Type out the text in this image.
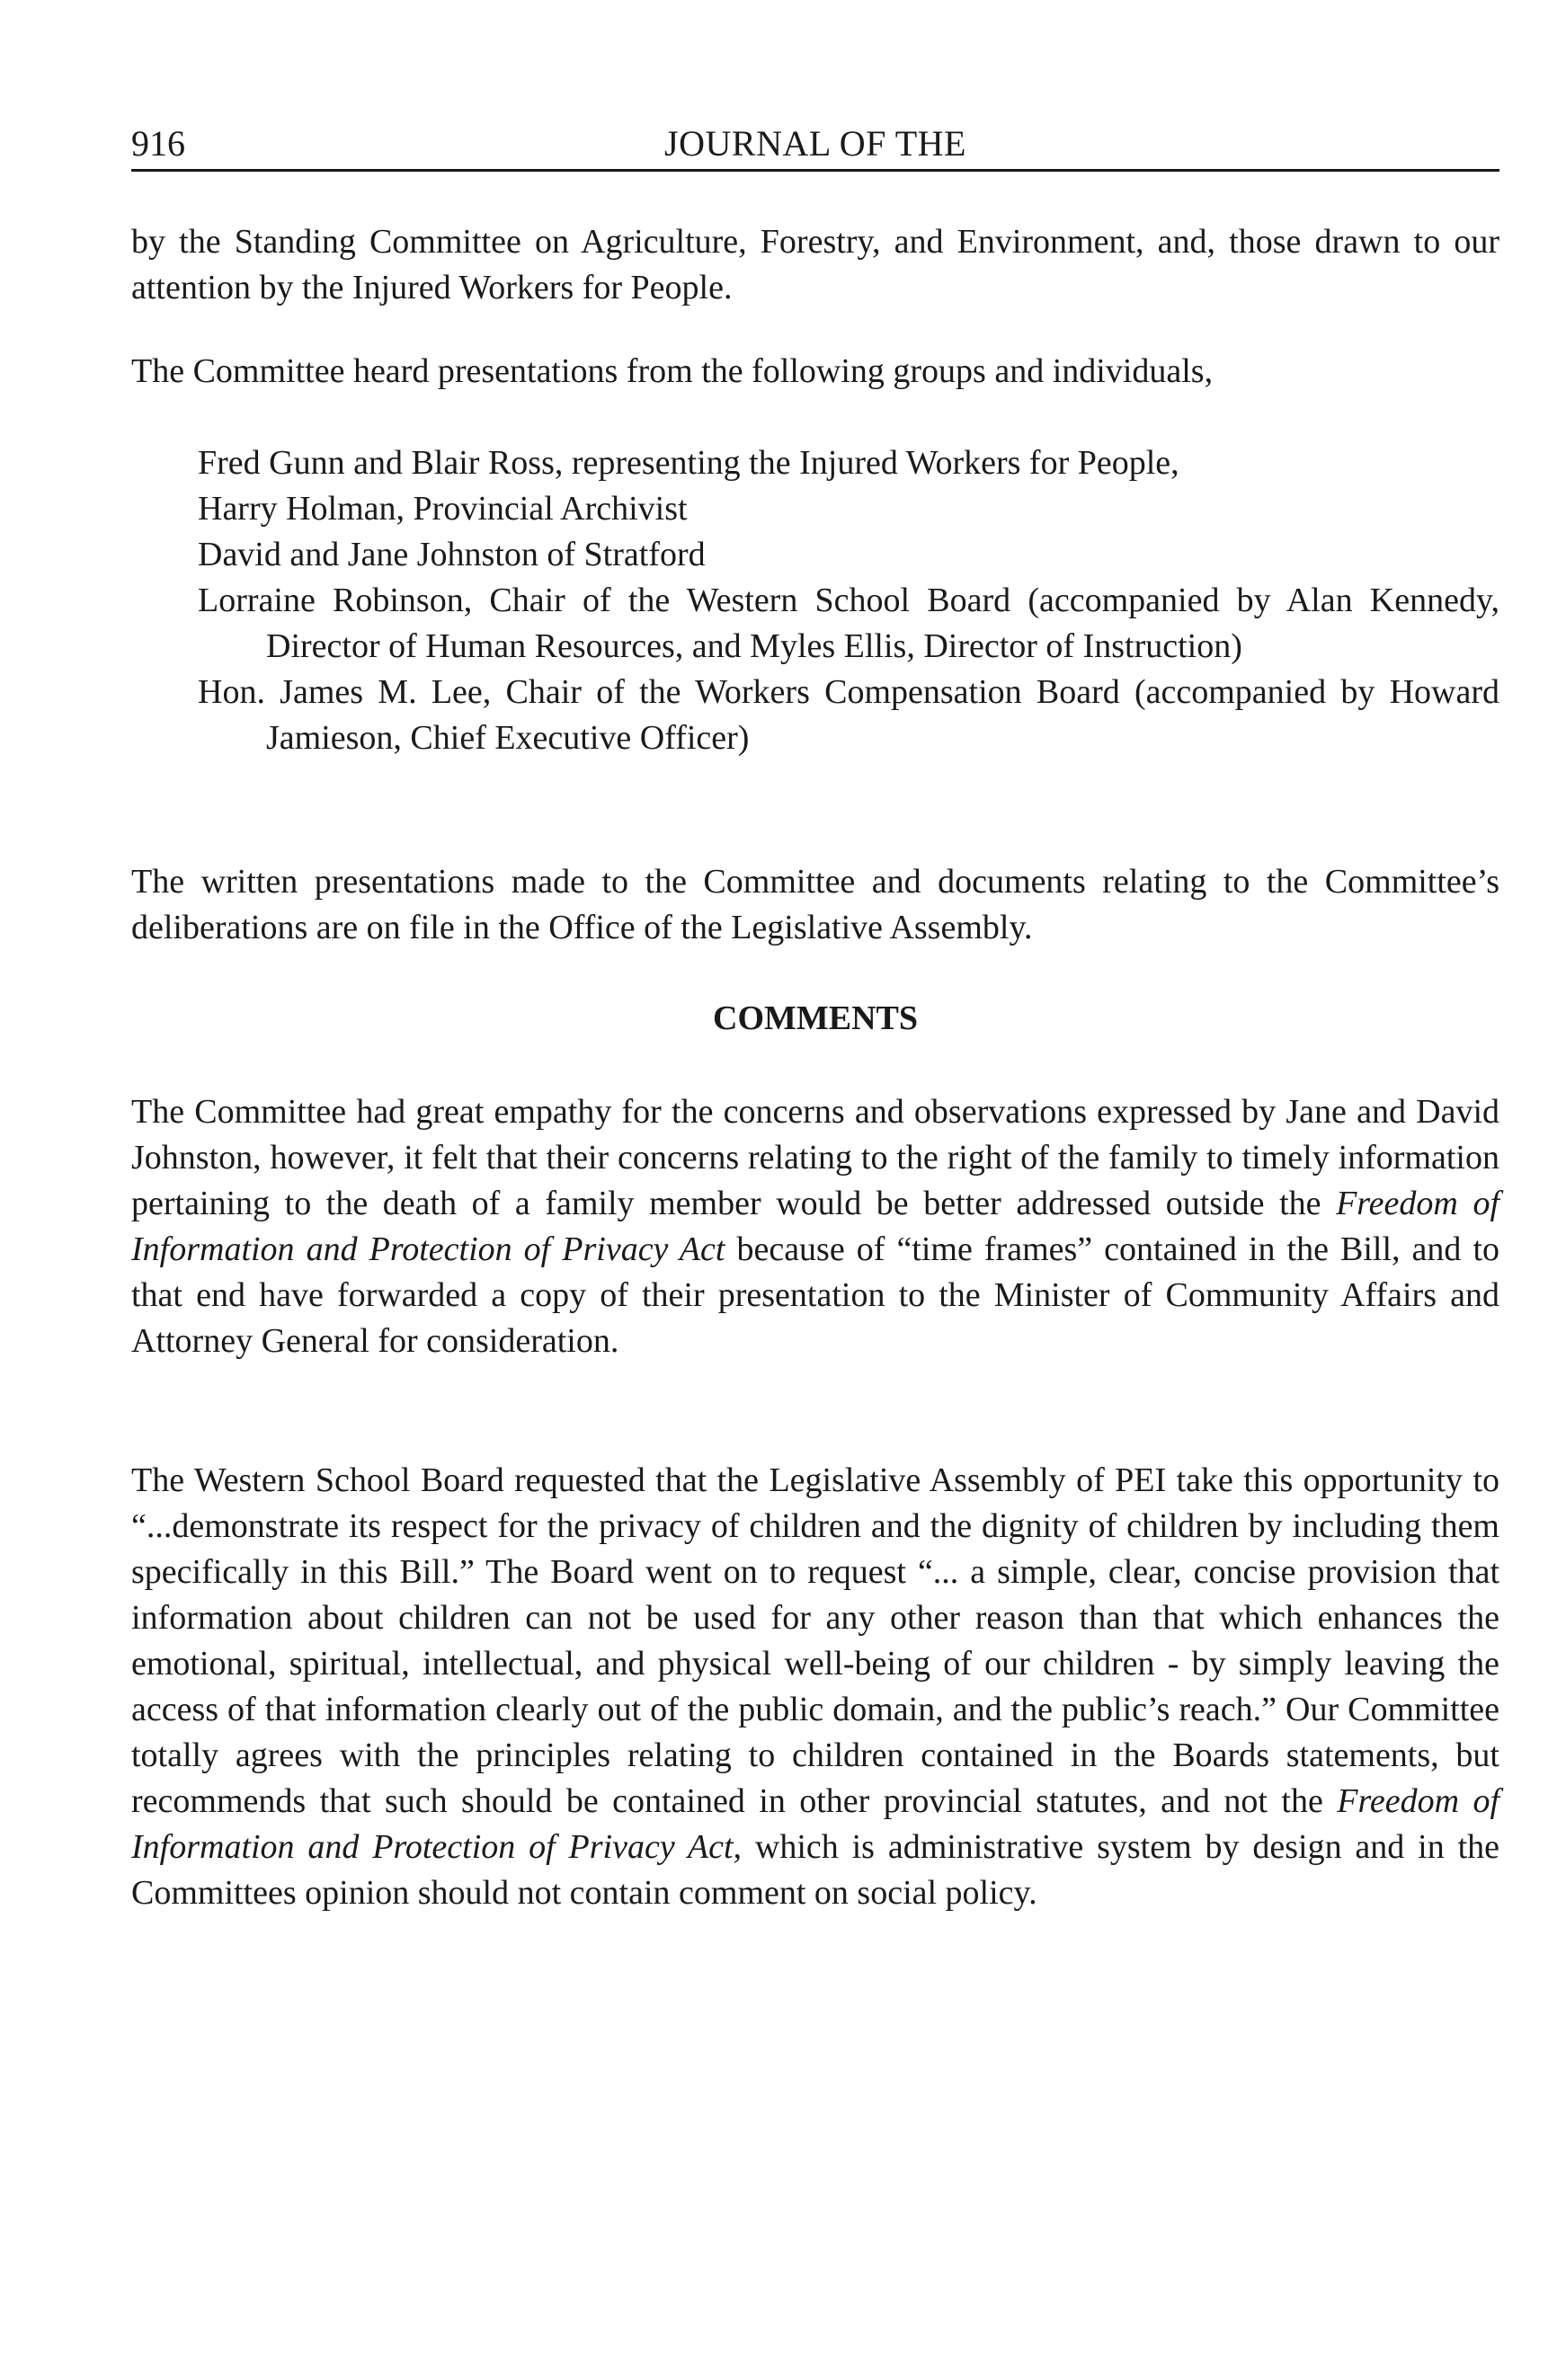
916	JOURNAL OF THE

by the Standing Committee on Agriculture, Forestry, and Environment, and, those drawn to our attention by the Injured Workers for People.

The Committee heard presentations from the following groups and individuals,

Fred Gunn and Blair Ross, representing the Injured Workers for People,
Harry Holman, Provincial Archivist
David and Jane Johnston of Stratford
Lorraine Robinson, Chair of the Western School Board (accompanied by Alan Kennedy, Director of Human Resources, and Myles Ellis, Director of Instruction)
Hon. James M. Lee, Chair of the Workers Compensation Board (accompanied by Howard Jamieson, Chief Executive Officer)

The written presentations made to the Committee and documents relating to the Committee’s deliberations are on file in the Office of the Legislative Assembly.

COMMENTS

The Committee had great empathy for the concerns and observations expressed by Jane and David Johnston, however, it felt that their concerns relating to the right of the family to timely information pertaining to the death of a family member would be better addressed outside the Freedom of Information and Protection of Privacy Act because of “time frames” contained in the Bill, and to that end have forwarded a copy of their presentation to the Minister of Community Affairs and Attorney General for consideration.

The Western School Board requested that the Legislative Assembly of PEI take this opportunity to “...demonstrate its respect for the privacy of children and the dignity of children by including them specifically in this Bill.” The Board went on to request “... a simple, clear, concise provision that information about children can not be used for any other reason than that which enhances the emotional, spiritual, intellectual, and physical well-being of our children - by simply leaving the access of that information clearly out of the public domain, and the public’s reach.” Our Committee totally agrees with the principles relating to children contained in the Boards statements, but recommends that such should be contained in other provincial statutes, and not the Freedom of Information and Protection of Privacy Act, which is administrative system by design and in the Committees opinion should not contain comment on social policy.
